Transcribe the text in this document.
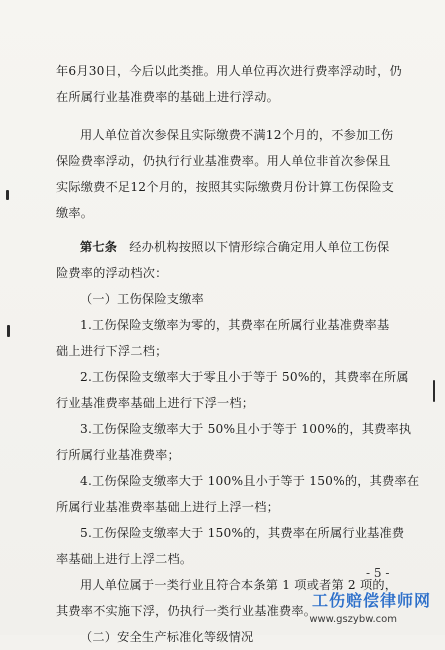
年6月30日，今后以此类推。用人单位再次进行费率浮动时，仍
在所属行业基准费率的基础上进行浮动。
用人单位首次参保且实际缴费不满12个月的，不参加工伤
保险费率浮动，仍执行行业基准费率。用人单位非首次参保且
实际缴费不足12个月的，按照其实际缴费月份计算工伤保险支
缴率。
第七条 经办机构按照以下情形综合确定用人单位工伤保
险费率的浮动档次：
（一）工伤保险支缴率
1.工伤保险支缴率为零的，其费率在所属行业基准费率基
础上进行下浮二档；
2.工伤保险支缴率大于零且小于等于 50%的，其费率在所属
行业基准费率基础上进行下浮一档；
3.工伤保险支缴率大于 50%且小于等于 100%的，其费率执
行所属行业基准费率；
4.工伤保险支缴率大于 100%且小于等于 150%的，其费率在
所属行业基准费率基础上进行上浮一档；
5.工伤保险支缴率大于 150%的，其费率在所属行业基准费
率基础上进行上浮二档。
用人单位属于一类行业且符合本条第 1 项或者第 2 项的，
其费率不实施下浮，仍执行一类行业基准费率。
（二）安全生产标准化等级情况
- 5 -
工伤赔偿律师网
www.gszybw.com
